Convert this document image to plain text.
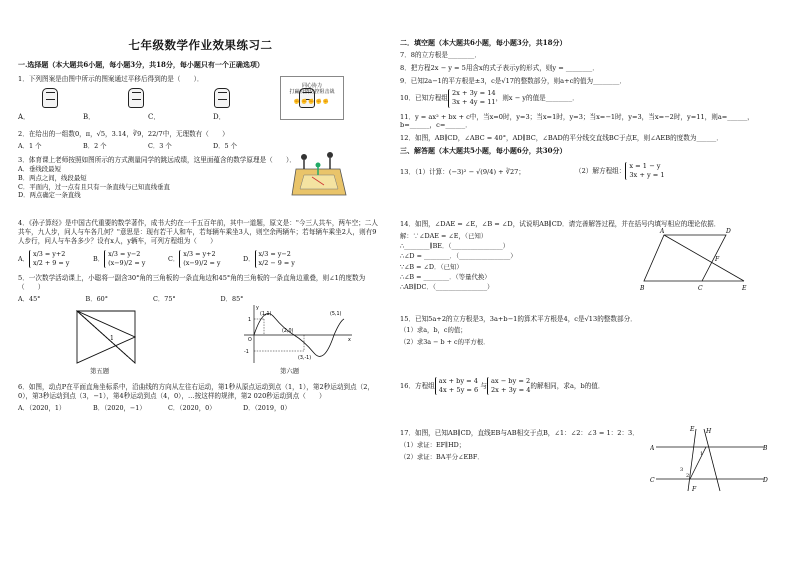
七年级数学作业效果练习二
一.选择题（本大题共6小题，每小题3分，共18分，每小题只有一个正确选项）
1．下列图案是由图中所示的图案通过平移后得到的是（　　）．

同心协力
打赢疫情防控阻击战
✊✊✊✊✊
A．	B．	C．	D．
2．在给出的一组数0，π，√5，3.14，∛9，22/7中，无理数有（　　）
A．1 个	B．2 个	C．3 个	D．5 个
3．体育课上老师按照如图所示的方式测量同学的跳远成绩，这里面蕴含的数学原理是（　　）．
A．垂线段最短
B．两点之间，线段最短
C．平面内，过一点有且只有一条直线与已知直线垂直
D．两点确定一条直线
4．《孙子算经》是中国古代重要的数学著作，成书大约在一千五百年前，其中一道题，原文是："今三人共车，两车空；二人共车，九人步，问人与车各几何？"意思是：现有若干人和车，若每辆车乘坐3人，则空余两辆车；若每辆车乘坐2人，则有9人步行，问人与车各多少？设有x人，y辆车，可列方程组为（　　）
A．
x/3 = y+2
x/2 + 9 = y	B．
x/3 = y−2
(x−9)/2 = y	C．
x/3 = y+2
(x−9)/2 = y	D．
x/3 = y−2
x/2 − 9 = y
5．一次数学活动课上，小聪将一副含30°角的三角板的一条直角边和45°角的三角板的一条直角边重叠，则∠1的度数为（　　）
A．45°	B．60°	C．75°	D．85°
1
第五题
(1,1)
(2,0)
(5,1)
(3,-1)
1
-1
O	x
y
第六题
6．如图，动点P在平面直角坐标系中，沿曲线的方向从左往右运动，第1秒从原点运动到点（1，1），第2秒运动到点（2，0），第3秒运动到点（3，−1），第4秒运动到点（4，0），…按这样的规律，第2 020秒运动到点（　　）
A．（2020，1）	B．（2020，−1）	C．（2020，0）	D．（2019，0）
二．填空题（本大题共6小题，每小题3分，共18分）
7．8的立方根是________．
8．把方程2x − y = 5用含x的式子表示y的形式，则y = ________．
9．已知2a−1的平方根是±3，c是√17的整数部分，则a+c的值为________．
10．已知方程组
2x + 3y = 14
3x + 4y = 11 ，则x − y的值是________．
11．y = ax² + bx + c中，当x=0时，y=3；当x=1时，y=3；当x=−1时，y=3，当x=−2时，y=11，则a=______，b=______，c=______．
12．如图，AB∥CD，∠ABC = 40°，AD∥BC，∠BAD的平分线交直线BC于点E，则∠AEB的度数为______．
三、解答题（本大题共5小题，每小题6分，共30分）
13．（1）计算：(−3)² − √(9/4) + ∛27；	（2）解方程组：
x = 1 − y
3x + y = 1
14．如图，∠DAE = ∠E，∠B = ∠D，试说明AB∥CD．请完善解答过程，并在括号内填写相应的理论依据．
解：∵∠DAE = ∠E，（已知）
∴________∥BE．（________________）
∴∠D = ________．（________________）
∵∠B = ∠D．（已知）
∴∠B = ________．（等量代换）
∴AB∥DC．（________________）
A	D
F
B	C	E
15．已知5a+2的立方根是3，3a+b−1的算术平方根是4，c是√13的整数部分．
（1）求a，b，c的值；
（2）求3a − b + c的平方根．
16．方程组
ax + by = 4
4x + 5y = 6 与
ax − by = 2
2x + 3y = 4 的解相同，求a，b的值．
17．如图，已知AB∥CD，直线EB与AB相交于点B，∠1：∠2：∠3 = 1：2：3．
（1）求证：EF∥HD；
（2）求证：BA平分∠EBF．
E H
A	B
1
2
3
C
F
D
